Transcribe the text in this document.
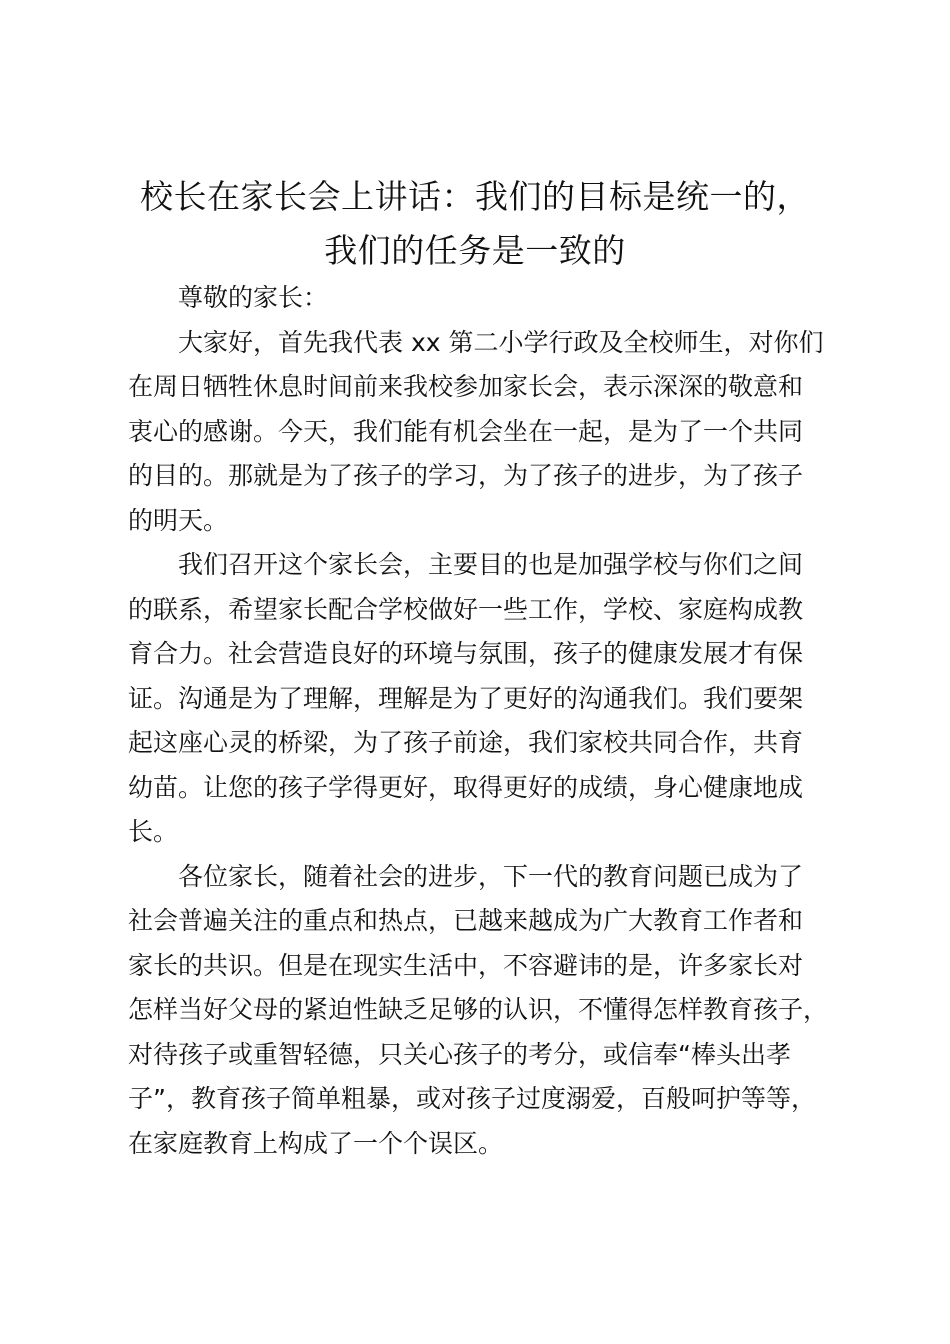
校长在家长会上讲话：我们的目标是统一的，
我们的任务是一致的

尊敬的家长：

大家好，首先我代表 xx 第二小学行政及全校师生，对你们
在周日牺牲休息时间前来我校参加家长会，表示深深的敬意和
衷心的感谢。今天，我们能有机会坐在一起，是为了一个共同
的目的。那就是为了孩子的学习，为了孩子的进步，为了孩子
的明天。

我们召开这个家长会，主要目的也是加强学校与你们之间
的联系，希望家长配合学校做好一些工作，学校、家庭构成教
育合力。社会营造良好的环境与氛围，孩子的健康发展才有保
证。沟通是为了理解，理解是为了更好的沟通我们。我们要架
起这座心灵的桥梁，为了孩子前途，我们家校共同合作，共育
幼苗。让您的孩子学得更好，取得更好的成绩，身心健康地成
长。

各位家长，随着社会的进步，下一代的教育问题已成为了
社会普遍关注的重点和热点，已越来越成为广大教育工作者和
家长的共识。但是在现实生活中，不容避讳的是，许多家长对
怎样当好父母的紧迫性缺乏足够的认识，不懂得怎样教育孩子，
对待孩子或重智轻德，只关心孩子的考分，或信奉“棒头出孝
子”，教育孩子简单粗暴，或对孩子过度溺爱，百般呵护等等，
在家庭教育上构成了一个个误区。
